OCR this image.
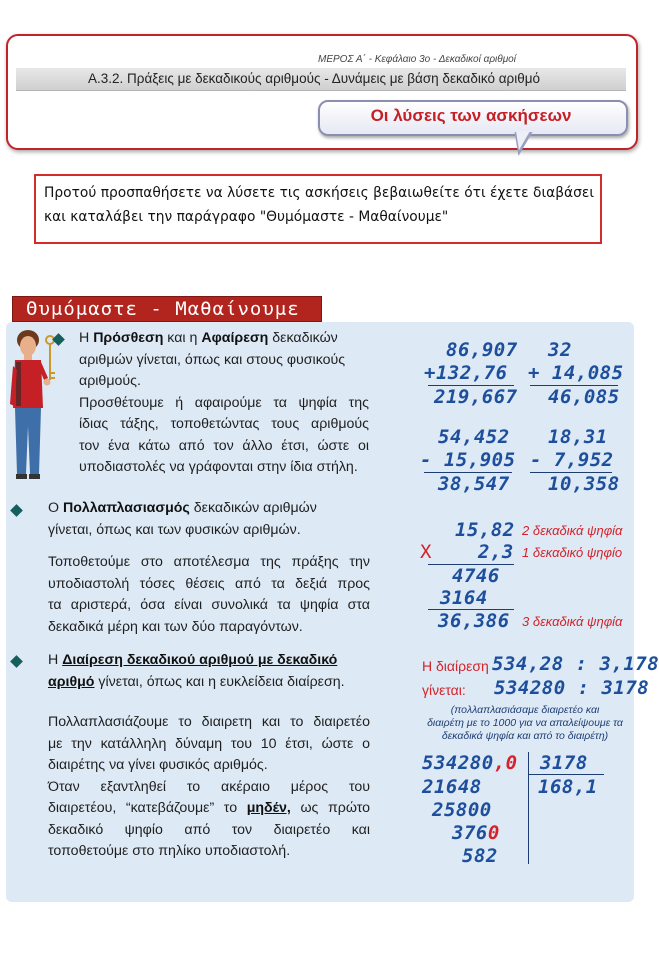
ΜΕΡΟΣ Α΄ - Κεφάλαιο 3ο - Δεκαδικοί αριθμοί
Α.3.2. Πράξεις με δεκαδικούς αριθμούς - Δυνάμεις με βάση δεκαδικό αριθμό
Οι λύσεις των ασκήσεων
Προτού προσπαθήσετε να λύσετε τις ασκήσεις βεβαιωθείτε ότι έχετε διαβάσει
και καταλάβει την παράγραφο "Θυμόμαστε - Μαθαίνουμε"
Θυμόμαστε - Μαθαίνουμε
Η Πρόσθεση και η Αφαίρεση δεκαδικών
αριθμών γίνεται, όπως και στους φυσικούς
αριθμούς.
Προσθέτουμε ή αφαιρούμε τα ψηφία της
ίδιας τάξης, τοποθετώντας τους αριθμούς
τον ένα κάτω από τον άλλο έτσι, ώστε οι
υποδιαστολές να γράφονται στην ίδια στήλη.
86,907
+132,76
219,667
32
+ 14,085
46,085
54,452
- 15,905
38,547
18,31
- 7,952
10,358
Ο Πολλαπλασιασμός δεκαδικών αριθμών
γίνεται, όπως και των φυσικών αριθμών.
Τοποθετούμε στο αποτέλεσμα της πράξης την
υποδιαστολή τόσες θέσεις από τα δεξιά προς
τα αριστερά, όσα είναι συνολικά τα ψηφία στα
δεκαδικά μέρη και των δύο παραγόντων.
15,82 2 δεκαδικά ψηφία
X 2,3 1 δεκαδικό ψηφίο
4746
3164
36,386 3 δεκαδικά ψηφία
Η Διαίρεση δεκαδικού αριθμού με δεκαδικό
αριθμό γίνεται, όπως και η ευκλείδεια διαίρεση.
Πολλαπλασιάζουμε το διαιρετη και το διαιρετέο
με την κατάλληλη δύναμη του 10 έτσι, ώστε ο
διαιρέτης να γίνει φυσικός αριθμός.
Όταν εξαντληθεί το ακέραιο μέρος του
διαιρετέου, “κατεβάζουμε” το μηδέν, ως πρώτο
δεκαδικό ψηφίο από τον διαιρετέο και
τοποθετούμε στο πηλίκο υποδιαστολή.
Η διαίρεση 534,28 : 3,178
γίνεται: 534280 : 3178
(πολλαπλασιάσαμε διαιρετέο και
διαιρέτη με το 1000 για να απαλείψουμε τα
δεκαδικά ψηφία και από το διαιρέτη)
534280,0 3178
168,1
21648
25800
3760
582
